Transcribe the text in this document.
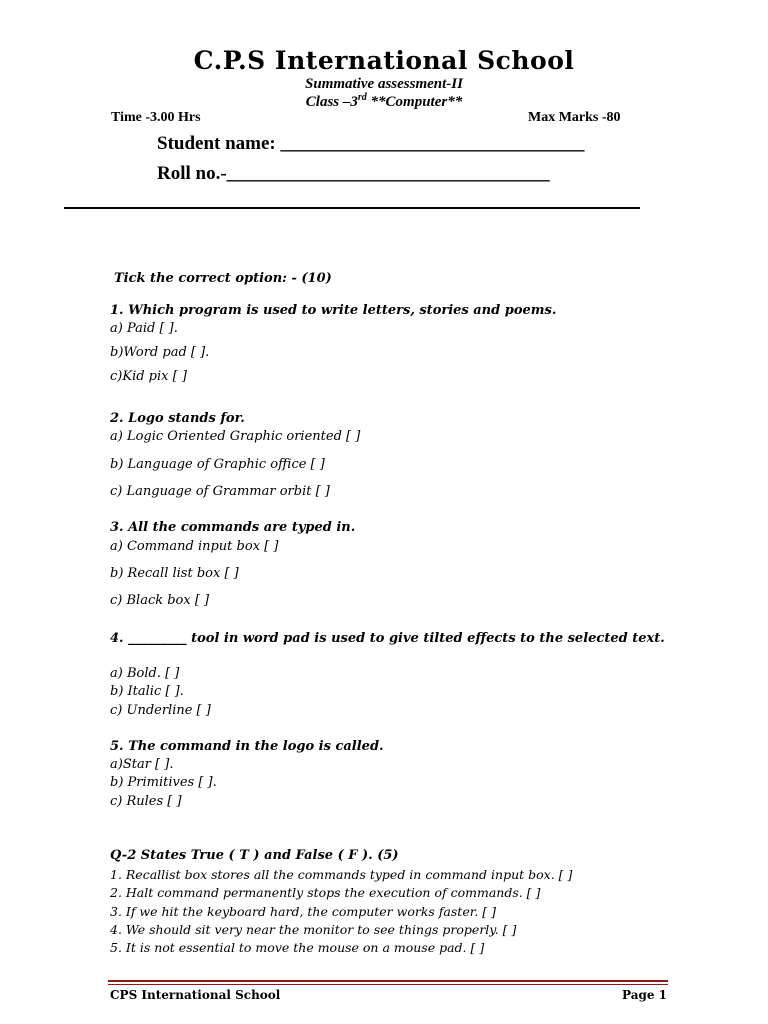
C.P.S International School
Summative assessment-II
Class –3rd **Computer**
Time -3.00 Hrs	Max Marks -80
Student name: ________________________________
Roll no.-__________________________________
Tick the correct option: - (10)
1. Which program is used to write letters, stories and poems.
a) Paid [ ].
b)Word pad [ ].
c)Kid pix [ ]
2. Logo stands for.
a) Logic Oriented Graphic oriented [ ]
b) Language of Graphic office [ ]
c) Language of Grammar orbit [ ]
3. All the commands are typed in.
a) Command input box [ ]
b) Recall list box [ ]
c) Black box [ ]
4. _________ tool in word pad is used to give tilted effects to the selected text.
a) Bold. [ ]
b) Italic [ ].
c) Underline [ ]
5. The command in the logo is called.
a)Star [ ].
b) Primitives [ ].
c) Rules [ ]
Q-2 States True ( T ) and False ( F ). (5)
1. Recallist box stores all the commands typed in command input box. [ ]
2. Halt command permanently stops the execution of commands. [ ]
3. If we hit the keyboard hard, the computer works faster. [ ]
4. We should sit very near the monitor to see things properly. [ ]
5. It is not essential to move the mouse on a mouse pad. [ ]
CPS International School	Page 1
